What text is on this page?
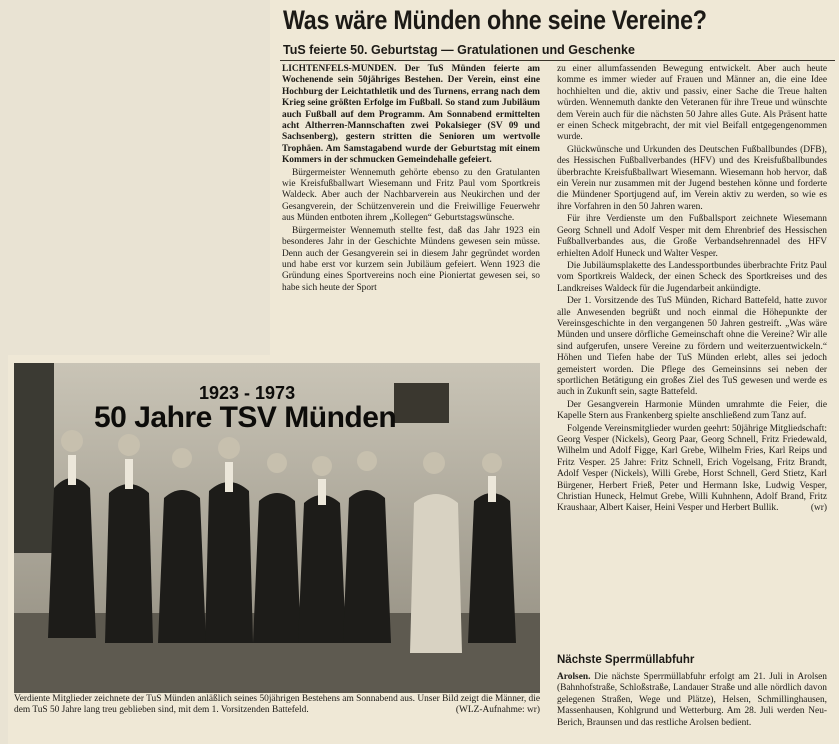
Was wäre Münden ohne seine Vereine?
TuS feierte 50. Geburtstag — Gratulationen und Geschenke

LICHTENFELS-MÜNDEN. Der TuS Münden feierte am Wochenende sein 50jähriges Bestehen. Der Verein, einst eine Hochburg der Leichtathletik und des Turnens, errang nach dem Krieg seine größten Erfolge im Fußball. So stand zum Jubiläum auch Fußball auf dem Programm. Am Sonnabend ermittelten acht Altherren-Mannschaften zwei Pokalsieger (SV 09 und Sachsenberg), gestern stritten die Senioren um wertvolle Trophäen. Am Samstagabend wurde der Geburtstag mit einem Kommers in der schmucken Gemeindehalle gefeiert.

Bürgermeister Wennemuth gehörte ebenso zu den Gratulanten wie Kreisfußballwart Wiesemann und Fritz Paul vom Sportkreis Waldeck. Aber auch der Nachbarverein aus Neukirchen und der Gesangverein, der Schützenverein und die Freiwillige Feuerwehr aus Münden entboten ihrem „Kollegen“ Geburtstagswünsche.

Bürgermeister Wennemuth stellte fest, daß das Jahr 1923 ein besonderes Jahr in der Geschichte Mündens gewesen sein müsse. Denn auch der Gesangverein sei in diesem Jahr gegründet worden und habe erst vor kurzem sein Jubiläum gefeiert. Wenn 1923 die Gründung eines Sportvereins noch eine Pioniertat gewesen sei, so habe sich heute der Sport

zu einer allumfassenden Bewegung entwickelt. Aber auch heute komme es immer wieder auf Frauen und Männer an, die eine Idee hochhielten und die, aktiv und passiv, einer Sache die Treue halten würden. Wennemuth dankte den Veteranen für ihre Treue und wünschte dem Verein auch für die nächsten 50 Jahre alles Gute. Als Präsent hatte er einen Scheck mitgebracht, der mit viel Beifall entgegengenommen wurde.

Glückwünsche und Urkunden des Deutschen Fußballbundes (DFB), des Hessischen Fußballverbandes (HFV) und des Kreisfußballbundes überbrachte Kreisfußballwart Wiesemann. Wiesemann hob hervor, daß ein Verein nur zusammen mit der Jugend bestehen könne und forderte die Mündener Sportjugend auf, im Verein aktiv zu werden, so wie es ihre Vorfahren in den 50 Jahren waren.

Für ihre Verdienste um den Fußballsport zeichnete Wiesemann Georg Schnell und Adolf Vesper mit dem Ehrenbrief des Hessischen Fußballverbandes aus, die Große Verbandsehrennadel des HFV erhielten Adolf Huneck und Walter Vesper.

Die Jubiläumsplakette des Landessportbundes überbrachte Fritz Paul vom Sportkreis Waldeck, der einen Scheck des Sportkreises und des Landkreises Waldeck für die Jugendarbeit ankündigte.

Der 1. Vorsitzende des TuS Münden, Richard Battefeld, hatte zuvor alle Anwesenden begrüßt und noch einmal die Höhepunkte der Vereinsgeschichte in den vergangenen 50 Jahren gestreift. „Was wäre Münden und unsere dörfliche Gemeinschaft ohne die Vereine? Wir alle sind aufgerufen, unsere Vereine zu fördern und weiterzuentwickeln.“ Höhen und Tiefen habe der TuS Münden erlebt, alles sei jedoch gemeistert worden. Die Pflege des Gemeinsinns sei neben der sportlichen Betätigung ein großes Ziel des TuS gewesen und werde es auch in Zukunft sein, sagte Battefeld.

Der Gesangverein Harmonie Münden umrahmte die Feier, die Kapelle Stern aus Frankenberg spielte anschließend zum Tanz auf.

Folgende Vereinsmitglieder wurden geehrt: 50jährige Mitgliedschaft: Georg Vesper (Nickels), Georg Paar, Georg Schnell, Fritz Friedewald, Wilhelm und Adolf Figge, Karl Grebe, Wilhelm Fries, Karl Reips und Fritz Vesper. 25 Jahre: Fritz Schnell, Erich Vogelsang, Fritz Brandt, Adolf Vesper (Nickels), Willi Grebe, Horst Schnell, Gerd Stietz, Karl Bürgener, Herbert Frieß, Peter und Hermann Iske, Ludwig Vesper, Christian Huneck, Helmut Grebe, Willi Kuhnhenn, Adolf Brand, Fritz Kraushaar, Albert Kaiser, Heini Vesper und Herbert Bullik.	(wr)

Nächste Sperrmüllabfuhr

Arolsen. Die nächste Sperrmüllabfuhr erfolgt am 21. Juli in Arolsen (Bahnhofstraße, Schloßstraße, Landauer Straße und alle nördlich davon gelegenen Straßen, Wege und Plätze), Helsen, Schmillinghausen, Massenhausen, Kohlgrund und Wetterburg. Am 28. Juli werden Neu-Berich, Braunsen und das restliche Arolsen bedient.

1923 - 1973
50 Jahre TSV Münden
Verdiente Mitglieder zeichnete der TuS Münden anläßlich seines 50jährigen Bestehens am Sonnabend aus. Unser Bild zeigt die Männer, die dem TuS 50 Jahre lang treu geblieben sind, mit dem 1. Vorsitzenden Battefeld.	(WLZ-Aufnahme: wr)
